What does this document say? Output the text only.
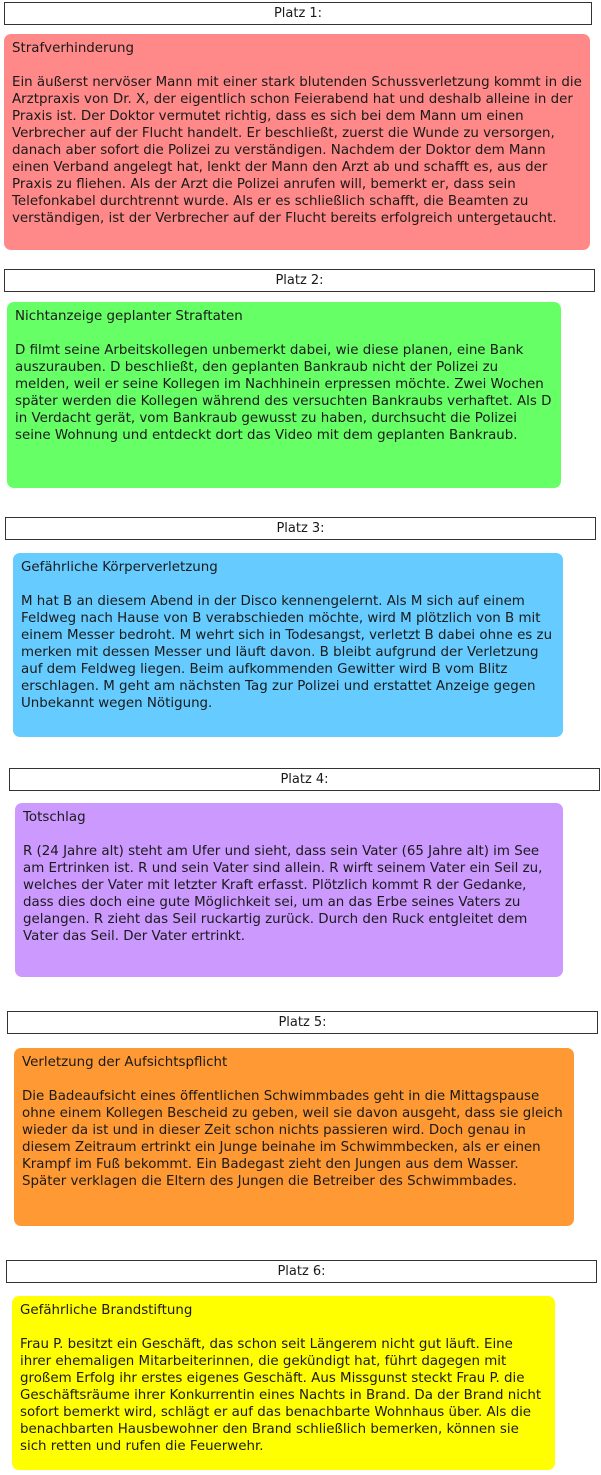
Platz 1:
Strafverhinderung
Ein äußerst nervöser Mann mit einer stark blutenden Schussverletzung kommt in die Arztpraxis von Dr. X, der eigentlich schon Feierabend hat und deshalb alleine in der Praxis ist. Der Doktor vermutet richtig, dass es sich bei dem Mann um einen Verbrecher auf der Flucht handelt. Er beschließt, zuerst die Wunde zu versorgen, danach aber sofort die Polizei zu verständigen. Nachdem der Doktor dem Mann einen Verband angelegt hat, lenkt der Mann den Arzt ab und schafft es, aus der Praxis zu fliehen. Als der Arzt die Polizei anrufen will, bemerkt er, dass sein Telefonkabel durchtrennt wurde. Als er es schließlich schafft, die Beamten zu verständigen, ist der Verbrecher auf der Flucht bereits erfolgreich untergetaucht.
Platz 2:
Nichtanzeige geplanter Straftaten
D filmt seine Arbeitskollegen unbemerkt dabei, wie diese planen, eine Bank auszurauben. D beschließt, den geplanten Bankraub nicht der Polizei zu melden, weil er seine Kollegen im Nachhinein erpressen möchte. Zwei Wochen später werden die Kollegen während des versuchten Bankraubs verhaftet. Als D in Verdacht gerät, vom Bankraub gewusst zu haben, durchsucht die Polizei seine Wohnung und entdeckt dort das Video mit dem geplanten Bankraub.
Platz 3:
Gefährliche Körperverletzung
M hat B an diesem Abend in der Disco kennengelernt. Als M sich auf einem Feldweg nach Hause von B verabschieden möchte, wird M plötzlich von B mit einem Messer bedroht. M wehrt sich in Todesangst, verletzt B dabei ohne es zu merken mit dessen Messer und läuft davon. B bleibt aufgrund der Verletzung auf dem Feldweg liegen. Beim aufkommenden Gewitter wird B vom Blitz erschlagen. M geht am nächsten Tag zur Polizei und erstattet Anzeige gegen Unbekannt wegen Nötigung.
Platz 4:
Totschlag
R (24 Jahre alt) steht am Ufer und sieht, dass sein Vater (65 Jahre alt) im See am Ertrinken ist. R und sein Vater sind allein. R wirft seinem Vater ein Seil zu, welches der Vater mit letzter Kraft erfasst. Plötzlich kommt R der Gedanke, dass dies doch eine gute Möglichkeit sei, um an das Erbe seines Vaters zu gelangen. R zieht das Seil ruckartig zurück. Durch den Ruck entgleitet dem Vater das Seil. Der Vater ertrinkt.
Platz 5:
Verletzung der Aufsichtspflicht
Die Badeaufsicht eines öffentlichen Schwimmbades geht in die Mittagspause ohne einem Kollegen Bescheid zu geben, weil sie davon ausgeht, dass sie gleich wieder da ist und in dieser Zeit schon nichts passieren wird. Doch genau in diesem Zeitraum ertrinkt ein Junge beinahe im Schwimmbecken, als er einen Krampf im Fuß bekommt. Ein Badegast zieht den Jungen aus dem Wasser. Später verklagen die Eltern des Jungen die Betreiber des Schwimmbades.
Platz 6:
Gefährliche Brandstiftung
Frau P. besitzt ein Geschäft, das schon seit Längerem nicht gut läuft. Eine ihrer ehemaligen Mitarbeiterinnen, die gekündigt hat, führt dagegen mit großem Erfolg ihr erstes eigenes Geschäft. Aus Missgunst steckt Frau P. die Geschäftsräume ihrer Konkurrentin eines Nachts in Brand. Da der Brand nicht sofort bemerkt wird, schlägt er auf das benachbarte Wohnhaus über. Als die benachbarten Hausbewohner den Brand schließlich bemerken, können sie sich retten und rufen die Feuerwehr.
